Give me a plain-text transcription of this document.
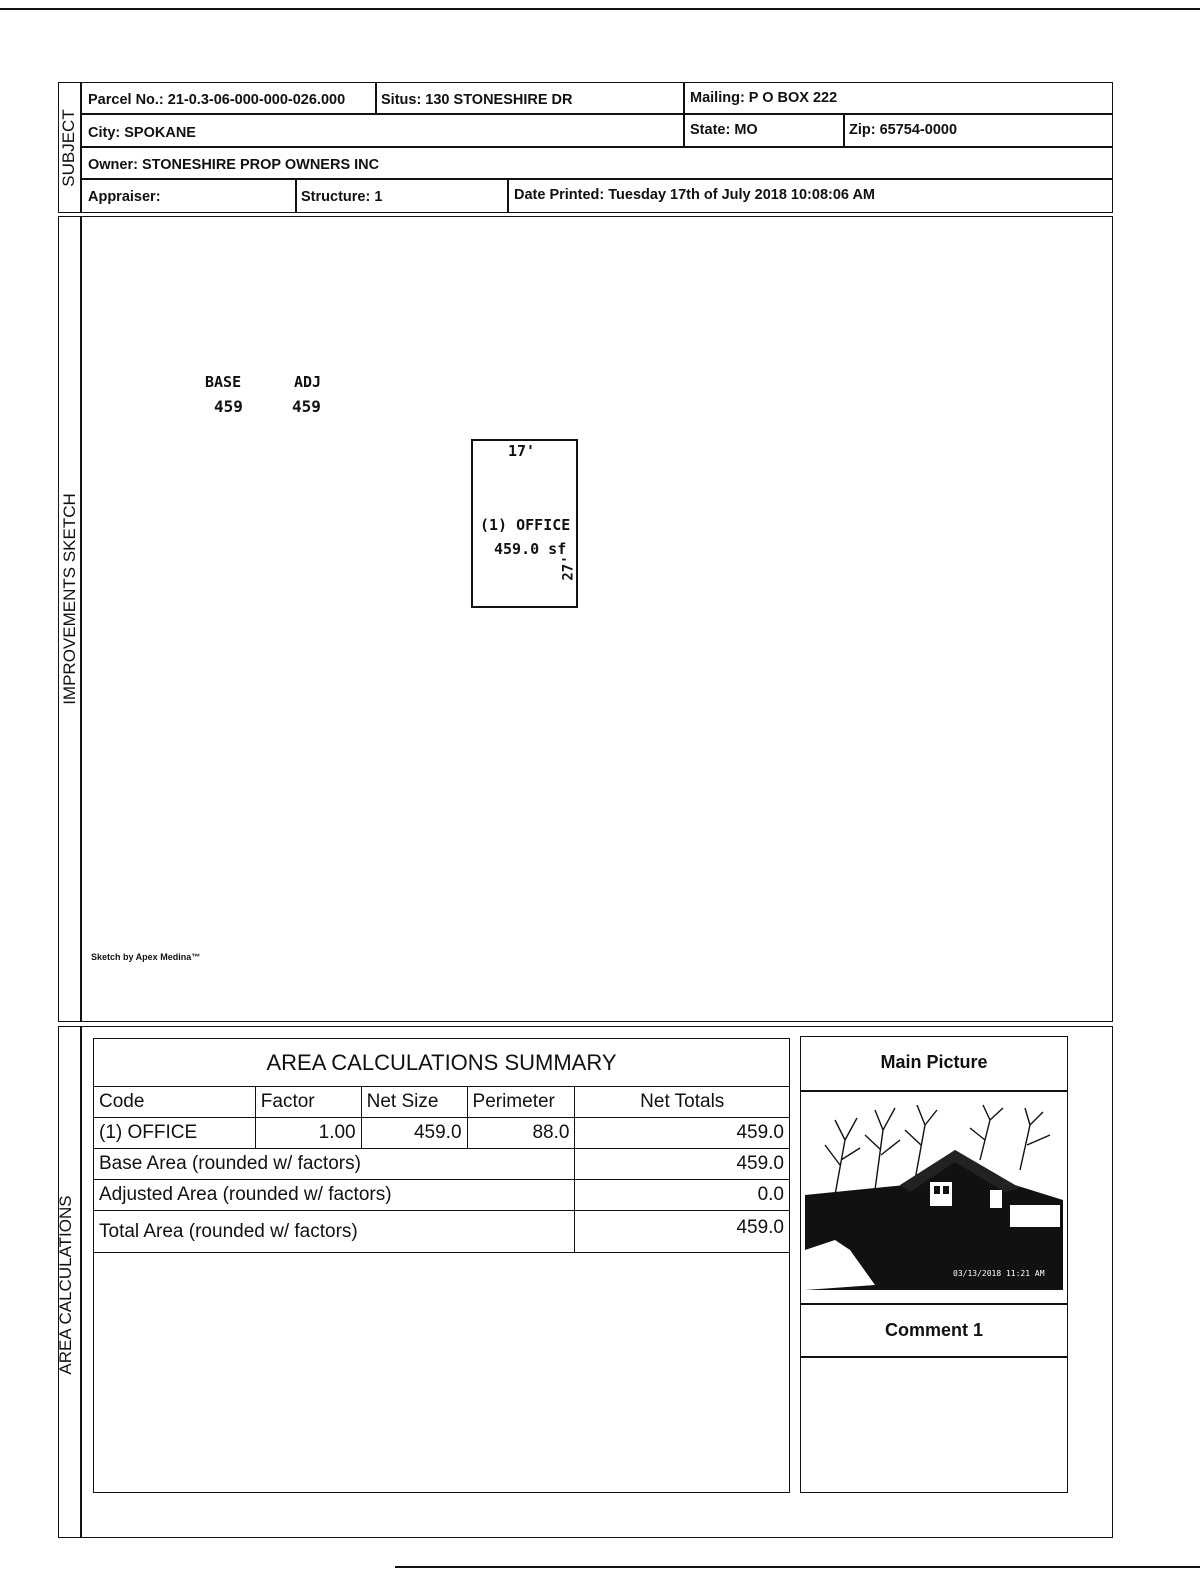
SUBJECT
Parcel No.: 21-0.3-06-000-000-026.000 Situs: 130 STONESHIRE DR	Mailing: P O BOX 222
City: SPOKANE	State: MO	Zip: 65754-0000
Owner: STONESHIRE PROP OWNERS INC
Appraiser:	Structure: 1	Date Printed: Tuesday 17th of July 2018 10:08:06 AM
IMPROVEMENTS SKETCH
BASE
459
ADJ
459
17'
(1) OFFICE
459.0 sf
27'
Sketch by Apex Medina™
AREA CALCULATIONS
AREA CALCULATIONS SUMMARY
Code	Factor	Net Size	Perimeter	Net Totals
(1) OFFICE	1.00	459.0	88.0	459.0
Base Area (rounded w/ factors)				459.0
Adjusted Area (rounded w/ factors)				0.0
Total Area (rounded w/ factors)				459.0
Main Picture
03/13/2018 11:21 AM
Comment 1
